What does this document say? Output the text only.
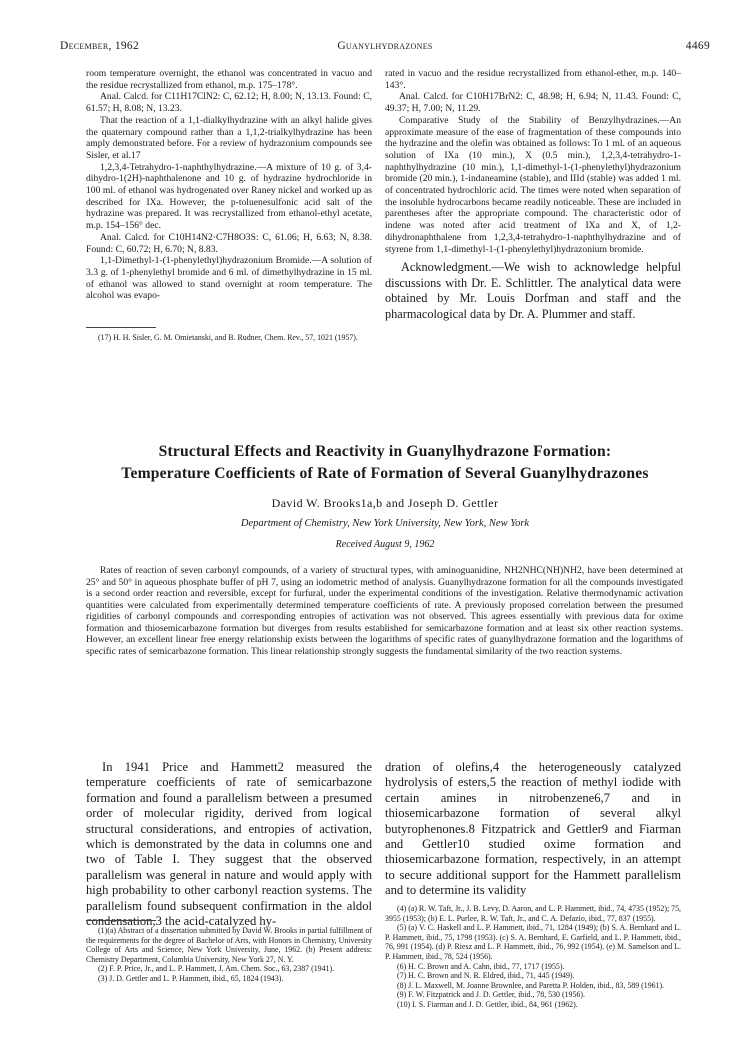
December, 1962	Guanylhydrazones	4469

room temperature overnight, the ethanol was concentrated in vacuo and the residue recrystallized from ethanol, m.p. 175–178°.

Anal. Calcd. for C11H17ClN2: C, 62.12; H, 8.00; N, 13.13. Found: C, 61.57; H, 8.08; N, 13.23.

That the reaction of a 1,1-dialkylhydrazine with an alkyl halide gives the quaternary compound rather than a 1,1,2-trialkylhydrazine has been amply demonstrated before. For a review of hydrazonium compounds see Sisler, et al.17

1,2,3,4-Tetrahydro-1-naphthylhydrazine.—A mixture of 10 g. of 3,4-dihydro-1(2H)-naphthalenone and 10 g. of hydrazine hydrochloride in 100 ml. of ethanol was hydrogenated over Raney nickel and worked up as described for IXa. However, the p-toluenesulfonic acid salt of the hydrazine was prepared. It was recrystallized from ethanol-ethyl acetate, m.p. 154–156° dec.

Anal. Calcd. for C10H14N2·C7H8O3S: C, 61.06; H, 6.63; N, 8.38. Found: C, 60.72; H, 6.70; N, 8.83.

1,1-Dimethyl-1-(1-phenylethyl)hydrazonium Bromide.—A solution of 3.3 g. of 1-phenylethyl bromide and 6 ml. of dimethylhydrazine in 15 ml. of ethanol was allowed to stand overnight at room temperature. The alcohol was evapo-

(17) H. H. Sisler, G. M. Omietanski, and B. Rudner, Chem. Rev., 57, 1021 (1957).

rated in vacuo and the residue recrystallized from ethanol-ether, m.p. 140–143°.

Anal. Calcd. for C10H17BrN2: C, 48.98; H, 6.94; N, 11.43. Found: C, 49.37; H, 7.00; N, 11.29.

Comparative Study of the Stability of Benzylhydrazines.—An approximate measure of the ease of fragmentation of these compounds into the hydrazine and the olefin was obtained as follows: To 1 ml. of an aqueous solution of IXa (10 min.), X (0.5 min.), 1,2,3,4-tetrahydro-1-naphthylhydrazine (10 min.), 1,1-dimethyl-1-(1-phenylethyl)hydrazonium bromide (20 min.), 1-indaneamine (stable), and IIId (stable) was added 1 ml. of concentrated hydrochloric acid. The times were noted when separation of the insoluble hydrocarbons became readily noticeable. These are included in parentheses after the appropriate compound. The characteristic odor of indene was noted after acid treatment of IXa and X, of 1,2-dihydronaphthalene from 1,2,3,4-tetrahydro-1-naphthylhydrazine and of styrene from 1,1-dimethyl-1-(1-phenylethyl)hydrazonium bromide.

Acknowledgment.—We wish to acknowledge helpful discussions with Dr. E. Schlittler. The analytical data were obtained by Mr. Louis Dorfman and staff and the pharmacological data by Dr. A. Plummer and staff.

Structural Effects and Reactivity in Guanylhydrazone Formation:
Temperature Coefficients of Rate of Formation of Several Guanylhydrazones
David W. Brooks1a,b and Joseph D. Gettler
Department of Chemistry, New York University, New York, New York
Received August 9, 1962
Rates of reaction of seven carbonyl compounds, of a variety of structural types, with aminoguanidine, NH2NHC(NH)NH2, have been determined at 25° and 50° in aqueous phosphate buffer of pH 7, using an iodometric method of analysis. Guanylhydrazone formation for all the compounds investigated is a second order reaction and reversible, except for furfural, under the experimental conditions of the investigation. Relative thermodynamic activation quantities were calculated from experimentally determined temperature coefficients of rate. A previously proposed correlation between the presumed rigidities of carbonyl compounds and corresponding entropies of activation was not observed. This agrees essentially with previous data for oxime formation and thiosemicarbazone formation but diverges from results established for semicarbazone formation and at least six other reaction systems. However, an excellent linear free energy relationship exists between the logarithms of specific rates of guanylhydrazone formation and the logarithms of specific rates of semicarbazone formation. This linear relationship strongly suggests the fundamental similarity of the two reaction systems.

In 1941 Price and Hammett2 measured the temperature coefficients of rate of semicarbazone formation and found a parallelism between a presumed order of molecular rigidity, derived from logical structural considerations, and entropies of activation, which is demonstrated by the data in columns one and two of Table I. They suggest that the observed parallelism was general in nature and would apply with high probability to other carbonyl reaction systems. The parallelism found subsequent confirmation in the aldol condensation,3 the acid-catalyzed hy-

dration of olefins,4 the heterogeneously catalyzed hydrolysis of esters,5 the reaction of methyl iodide with certain amines in nitrobenzene6,7 and in thiosemicarbazone formation of several alkyl butyrophenones.8 Fitzpatrick and Gettler9 and Fiarman and Gettler10 studied oxime formation and thiosemicarbazone formation, respectively, in an attempt to secure additional support for the Hammett parallelism and to determine its validity

(1)(a) Abstract of a dissertation submitted by David W. Brooks in partial fulfillment of the requirements for the degree of Bachelor of Arts, with Honors in Chemistry, University College of Arts and Science, New York University, June, 1962. (b) Present address: Chemistry Department, Columbia University, New York 27, N. Y.

(2) F. P. Price, Jr., and L. P. Hammett, J. Am. Chem. Soc., 63, 2387 (1941).

(3) J. D. Gettler and L. P. Hammett, ibid., 65, 1824 (1943).

(4) (a) R. W. Taft, Jr., J. B. Levy, D. Aaron, and L. P. Hammett, ibid., 74, 4735 (1952); 75, 3955 (1953); (b) E. L. Purlee, R. W. Taft, Jr., and C. A. Defazio, ibid., 77, 837 (1955).

(5) (a) V. C. Haskell and L. P. Hammett, ibid., 71, 1284 (1949); (b) S. A. Bernhard and L. P. Hammett, ibid., 75, 1798 (1953). (c) S. A. Bernhard, E. Garfield, and L. P. Hammett, ibid., 76, 991 (1954). (d) P. Riesz and L. P. Hammett, ibid., 76, 992 (1954). (e) M. Samelson and L. P. Hammett, ibid., 78, 524 (1956).

(6) H. C. Brown and A. Cahn, ibid., 77, 1717 (1955).

(7) H. C. Brown and N. R. Eldred, ibid., 71, 445 (1949).

(8) J. L. Maxwell, M. Joanne Brownlee, and Paretta P. Holden, ibid., 83, 589 (1961).

(9) F. W. Fitzpatrick and J. D. Gettler, ibid., 78, 530 (1956).

(10) I. S. Fiarman and J. D. Gettler, ibid., 84, 961 (1962).
